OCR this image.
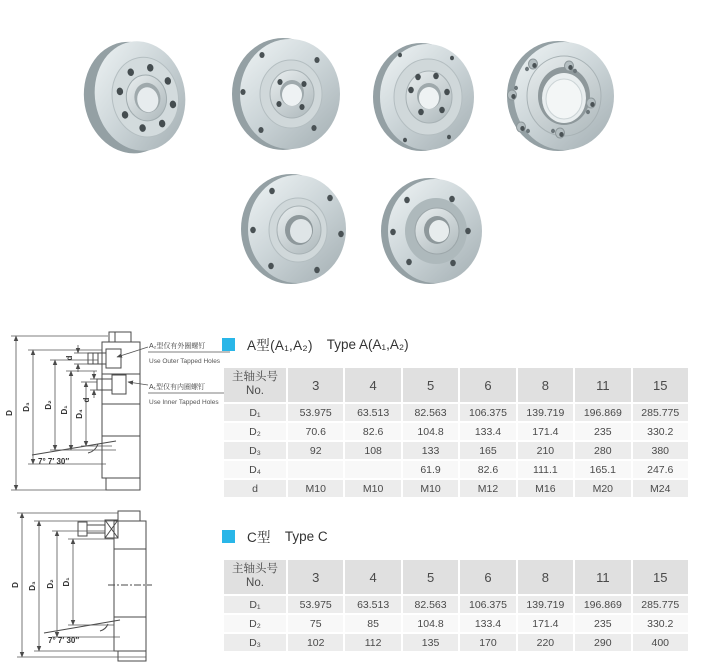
D
D₃ D₂
D₁ D₄
d
d
7° 7′ 30″
A₂型仅有外圈螺钉
Use Outer Tapped Holes
A₁型仅有内圈螺钉
Use Inner Tapped Holes
D D₃ D₂ D₁
7° 7′ 30″
A型(A₁,A₂) Type A(A₁,A₂)
主轴头号
No.	3	4	5	6	8	11	15
D₁	53.975	63.513	82.563	106.375	139.719	196.869	285.775
D₂	70.6	82.6	104.8	133.4	171.4	235	330.2
D₃	92	108	133	165	210	280	380
D₄			61.9	82.6	111.1	165.1	247.6
d	M10	M10	M10	M12	M16	M20	M24
C型 Type C
主轴头号
No.	3	4	5	6	8	11	15
D₁	53.975	63.513	82.563	106.375	139.719	196.869	285.775
D₂	75	85	104.8	133.4	171.4	235	330.2
D₃	102	112	135	170	220	290	400
